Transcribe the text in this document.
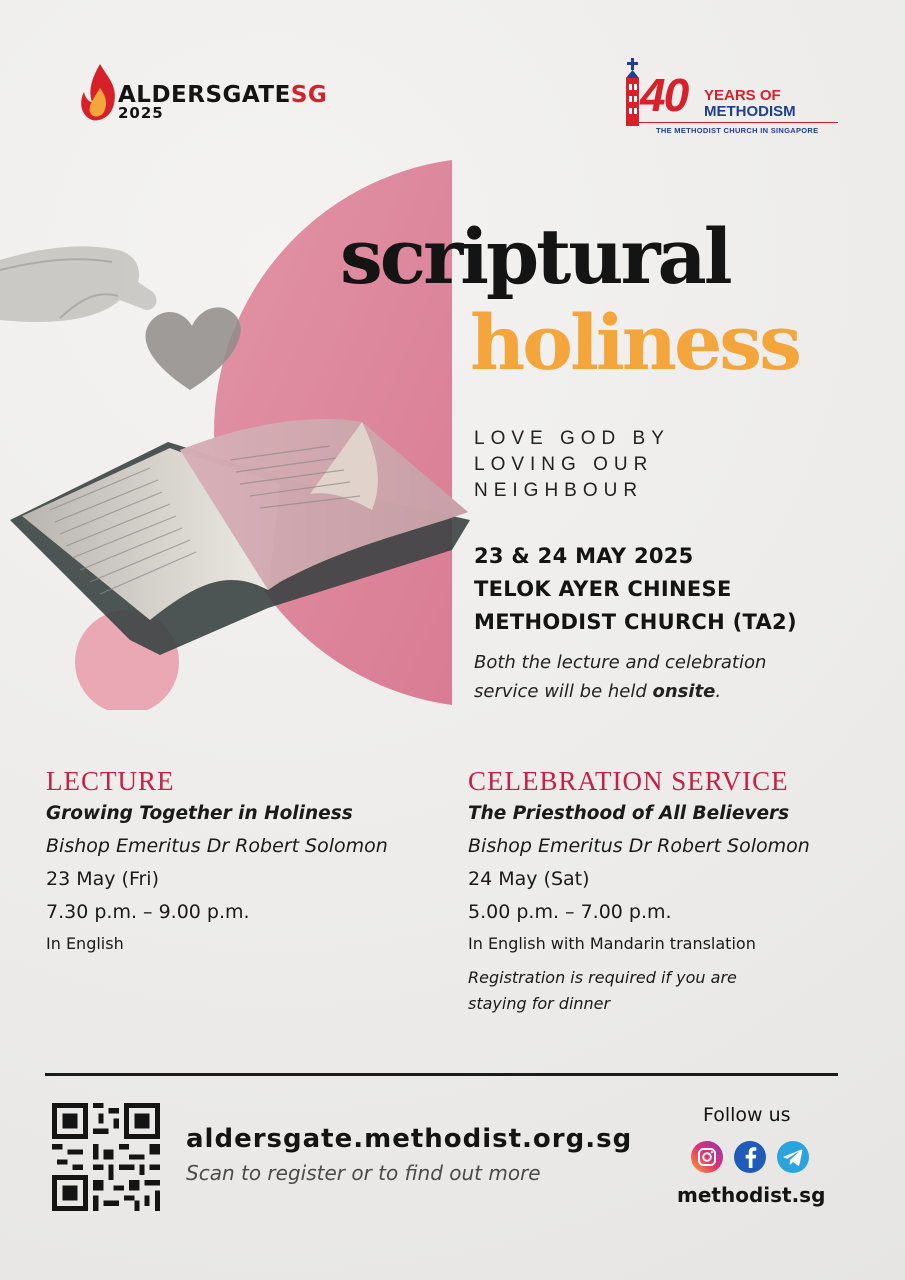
ALDERSGATESG
2025	40 YEARS OF
METHODISM
THE METHODIST CHURCH IN SINGAPORE
scriptural
holiness
LOVE GOD BY
LOVING OUR
NEIGHBOUR
23 & 24 MAY 2025
TELOK AYER CHINESE
METHODIST CHURCH (TA2)
Both the lecture and celebration
service will be held onsite.
LECTURE
Growing Together in Holiness
Bishop Emeritus Dr Robert Solomon
23 May (Fri)
7.30 p.m. – 9.00 p.m.
In English
CELEBRATION SERVICE
The Priesthood of All Believers
Bishop Emeritus Dr Robert Solomon
24 May (Sat)
5.00 p.m. – 7.00 p.m.
In English with Mandarin translation
Registration is required if you are
staying for dinner
aldersgate.methodist.org.sg
Scan to register or to find out more
Follow us
methodist.sg
